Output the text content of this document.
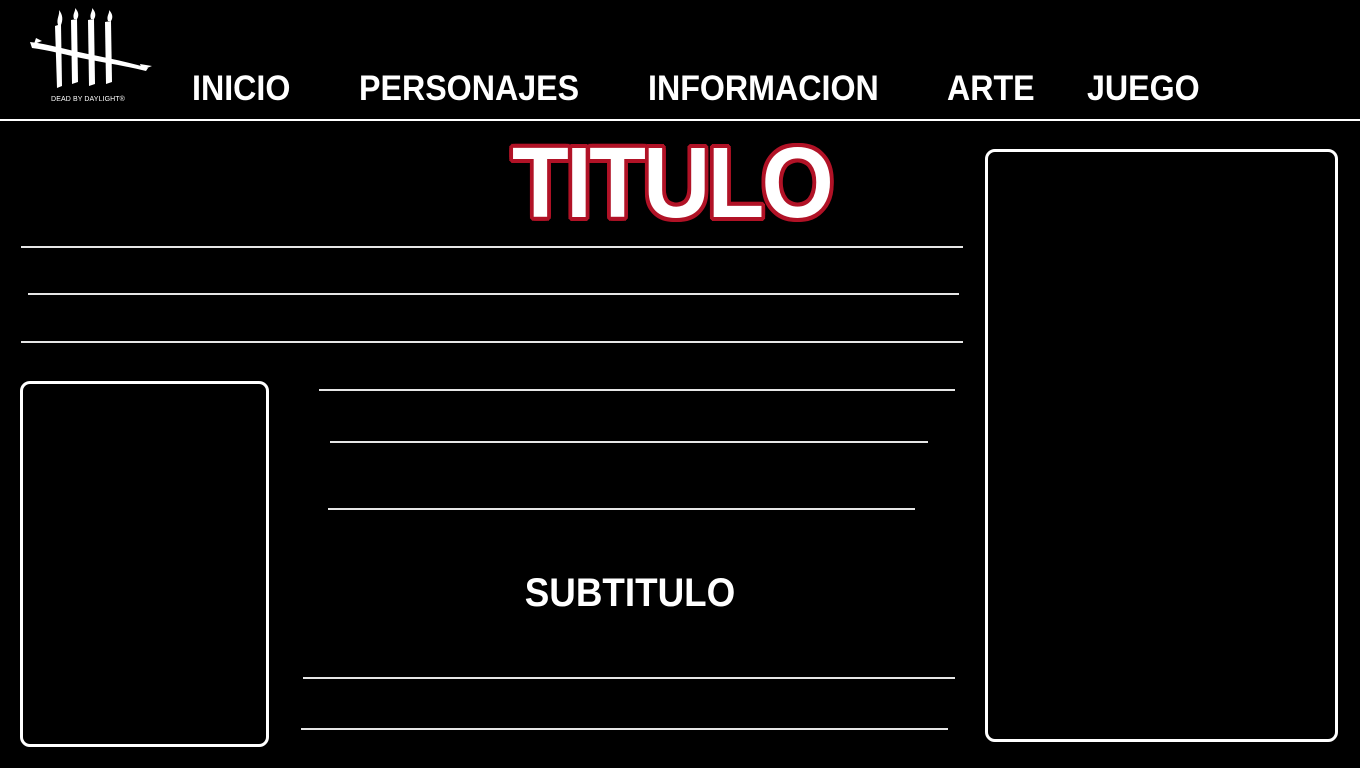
DEAD BY DAYLIGHT®	INICIO PERSONAJES INFORMACION ARTE JUEGO
TITULO
SUBTITULO
